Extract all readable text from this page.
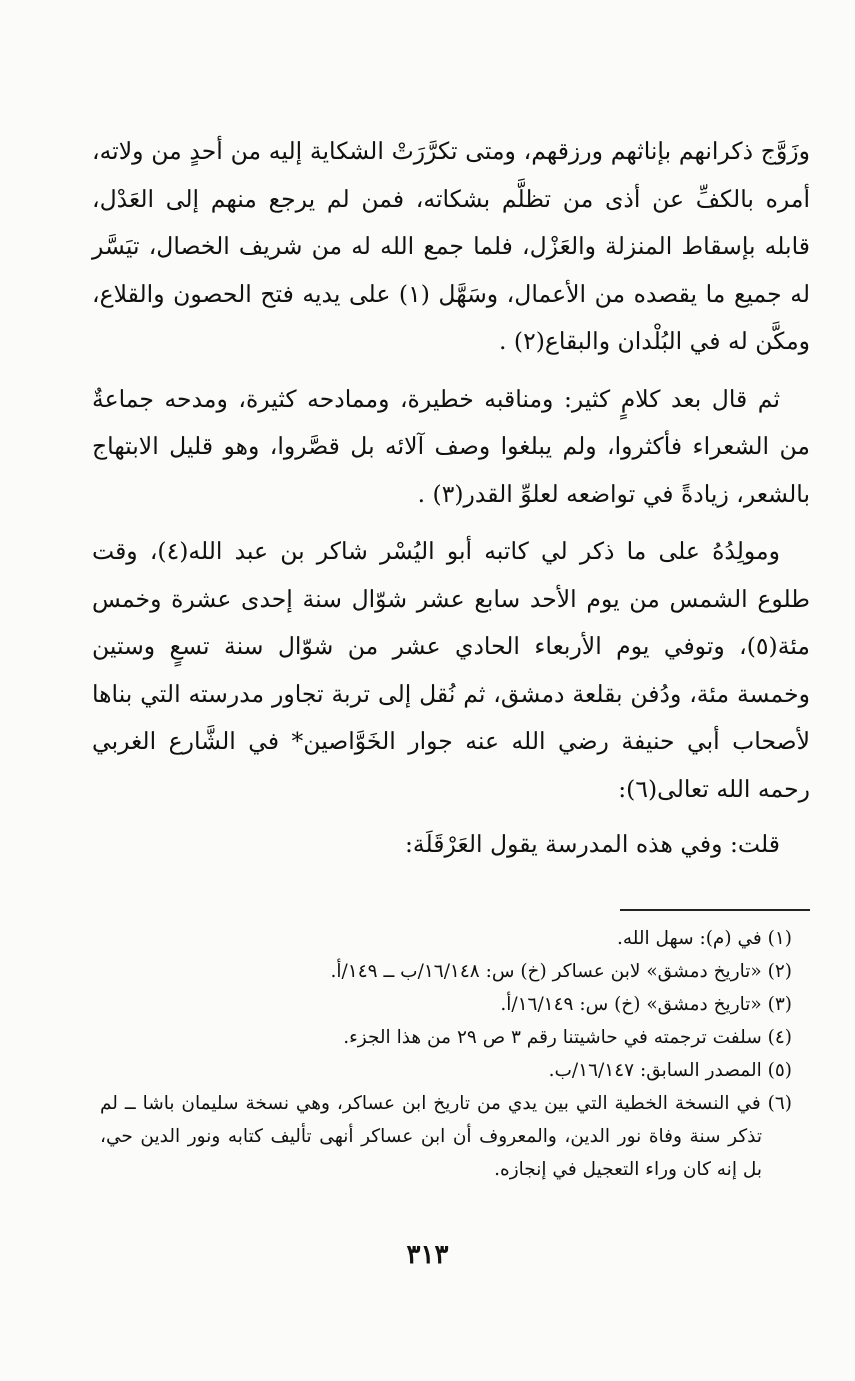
وزَوَّج ذكرانهم بإناثهم ورزقهم، ومتى تكرَّرَتْ الشكاية إليه من أحدٍ من ولاته، أمره بالكفِّ عن أذى من تظلَّم بشكاته، فمن لم يرجع منهم إلى العَدْل، قابله بإسقاط المنزلة والعَزْل، فلما جمع الله له من شريف الخصال، تيَسَّر له جميع ما يقصده من الأعمال، وسَهَّل (١) على يديه فتح الحصون والقلاع، ومكَّن له في البُلْدان والبقاع(٢) .

ثم قال بعد كلامٍ كثير: ومناقبه خطيرة، وممادحه كثيرة، ومدحه جماعةٌ من الشعراء فأكثروا، ولم يبلغوا وصف آلائه بل قصَّروا، وهو قليل الابتهاج بالشعر، زيادةً في تواضعه لعلوِّ القدر(٣) .

ومولِدُهُ على ما ذكر لي كاتبه أبو اليُسْر شاكر بن عبد الله(٤)، وقت طلوع الشمس من يوم الأحد سابع عشر شوّال سنة إحدى عشرة وخمس مئة(٥)، وتوفي يوم الأربعاء الحادي عشر من شوّال سنة تسعٍ وستين وخمسة مئة، ودُفن بقلعة دمشق، ثم نُقل إلى تربة تجاور مدرسته التي بناها لأصحاب أبي حنيفة رضي الله عنه جوار الخَوَّاصين* في الشَّارع الغربي رحمه الله تعالى(٦):

قلت: وفي هذه المدرسة يقول العَرْقَلَة:

(١) في (م): سهل الله.

(٢) «تاريخ دمشق» لابن عساكر (خ) س: ١٦/١٤٨/ب ــ ١٤٩/أ.

(٣) «تاريخ دمشق» (خ) س: ١٦/١٤٩/أ.

(٤) سلفت ترجمته في حاشيتنا رقم ٣ ص ٢٩ من هذا الجزء.

(٥) المصدر السابق: ١٦/١٤٧/ب.

(٦) في النسخة الخطية التي بين يدي من تاريخ ابن عساكر، وهي نسخة سليمان باشا ــ لم تذكر سنة وفاة نور الدين، والمعروف أن ابن عساكر أنهى تأليف كتابه ونور الدين حي، بل إنه كان وراء التعجيل في إنجازه.

٣١٣
